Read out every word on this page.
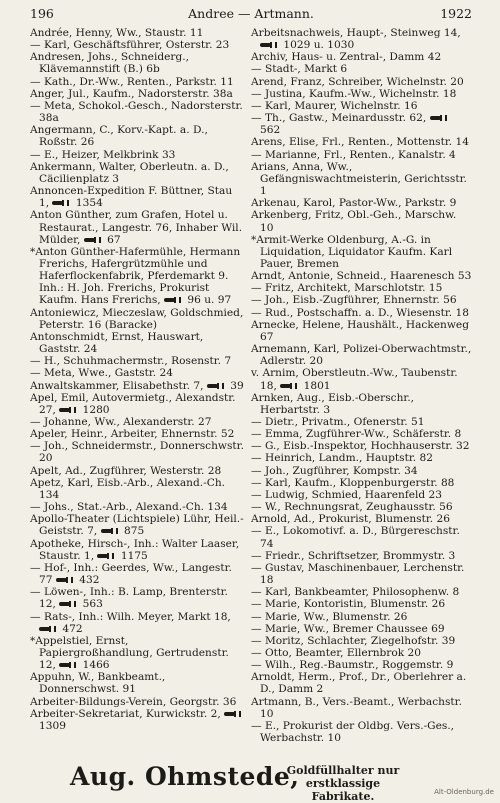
196	Andree — Artmann.	1922

Andrée, Henny, Ww., Staustr. 11

— Karl, Geschäftsführer, Osterstr. 23

Andresen, Johs., Schneiderg., Klävemannstift (B.) 6b

— Kath., Dr.-Ww., Renten., Parkstr. 11

Anger, Jul., Kaufm., Nadorsterstr. 38a

— Meta, Schokol.-Gesch., Nadorsterstr. 38a

Angermann, C., Korv.-Kapt. a. D., Roßstr. 26

— E., Heizer, Melkbrink 33

Ankermann, Walter, Oberleutn. a. D., Cäcilienplatz 3

Annoncen-Expedition F. Büttner, Stau 1,  1354

Anton Günther, zum Grafen, Hotel u. Restaurat., Langestr. 76, Inhaber Wil. Mülder,  67

*Anton Günther-Hafermühle, Hermann Frerichs, Hafergrützmühle und Haferflockenfabrik, Pferdemarkt 9. Inh.: H. Joh. Frerichs, Prokurist Kaufm. Hans Frerichs,  96 u. 97

Antoniewicz, Mieczeslaw, Goldschmied, Peterstr. 16 (Baracke)

Antonschmidt, Ernst, Hauswart, Gaststr. 24

— H., Schuhmachermstr., Rosenstr. 7

— Meta, Wwe., Gaststr. 24

Anwaltskammer, Elisabethstr. 7,  39

Apel, Emil, Autovermietg., Alexandstr. 27,  1280

— Johanne, Ww., Alexanderstr. 27

Apeler, Heinr., Arbeiter, Ehnernstr. 52

— Joh., Schneidermstr., Donnerschwstr. 20

Apelt, Ad., Zugführer, Westerstr. 28

Apetz, Karl, Eisb.-Arb., Alexand.-Ch. 134

— Johs., Stat.-Arb., Alexand.-Ch. 134

Apollo-Theater (Lichtspiele) Lühr, Heil.-Geiststr. 7,  875

Apotheke, Hirsch-, Inh.: Walter Laaser, Staustr. 1,  1175

— Hof-, Inh.: Geerdes, Ww., Langestr. 77  432

— Löwen-, Inh.: B. Lamp, Brenterstr. 12,  563

— Rats-, Inh.: Wilh. Meyer, Markt 18,  472

*Appelstiel, Ernst, Papiergroßhandlung, Gertrudenstr. 12,  1466

Appuhn, W., Bankbeamt., Donnerschwst. 91

Arbeiter-Bildungs-Verein, Georgstr. 36

Arbeiter-Sekretariat, Kurwickstr. 2,  1309

Arbeitsnachweis, Haupt-, Steinweg 14,  1029 u. 1030

Archiv, Haus- u. Zentral-, Damm 42

— Stadt-, Markt 6

Arend, Franz, Schreiber, Wichelnstr. 20

— Justina, Kaufm.-Ww., Wichelnstr. 18

— Karl, Maurer, Wichelnstr. 16

— Th., Gastw., Meinardusstr. 62,  562

Arens, Elise, Frl., Renten., Mottenstr. 14

— Marianne, Frl., Renten., Kanalstr. 4

Arians, Anna, Ww., Gefängniswachtmeisterin, Gerichtsstr. 1

Arkenau, Karol, Pastor-Ww., Parkstr. 9

Arkenberg, Fritz, Obl.-Geh., Marschw. 10

*Armit-Werke Oldenburg, A.-G. in Liquidation, Liquidator Kaufm. Karl Pauer, Bremen

Arndt, Antonie, Schneid., Haarenesch 53

— Fritz, Architekt, Marschlotstr. 15

— Joh., Eisb.-Zugführer, Ehnernstr. 56

— Rud., Postschaffn. a. D., Wiesenstr. 18

Arnecke, Helene, Haushält., Hackenweg 67

Arnemann, Karl, Polizei-Oberwachtmstr., Adlerstr. 20

v. Arnim, Oberstleutn.-Ww., Taubenstr. 18,  1801

Arnken, Aug., Eisb.-Oberschr., Herbartstr. 3

— Dietr., Privatm., Ofenerstr. 51

— Emma, Zugführer-Ww., Schäferstr. 8

— G., Eisb.-Inspektor, Hochhauserstr. 32

— Heinrich, Landm., Hauptstr. 82

— Joh., Zugführer, Kompstr. 34

— Karl, Kaufm., Kloppenburgerstr. 88

— Ludwig, Schmied, Haarenfeld 23

— W., Rechnungsrat, Zeughausstr. 56

Arnold, Ad., Prokurist, Blumenstr. 26

— E., Lokomotivf. a. D., Bürgereschstr. 74

— Friedr., Schriftsetzer, Brommystr. 3

— Gustav, Maschinenbauer, Lerchenstr. 18

— Karl, Bankbeamter, Philosophenw. 8

— Marie, Kontoristin, Blumenstr. 26

— Marie, Ww., Blumenstr. 26

— Marie, Ww., Bremer Chaussee 69

— Moritz, Schlachter, Ziegelhofstr. 39

— Otto, Beamter, Ellernbrok 20

— Wilh., Reg.-Baumstr., Roggemstr. 9

Arnoldt, Herm., Prof., Dr., Oberlehrer a. D., Damm 2

Artmann, B., Vers.-Beamt., Werbachstr. 10

— E., Prokurist der Oldbg. Vers.-Ges., Werbachstr. 10

Aug. Ohmstede,
Goldfüllhalter nur erstklassige
Fabrikate.	Alt-Oldenburg.de
